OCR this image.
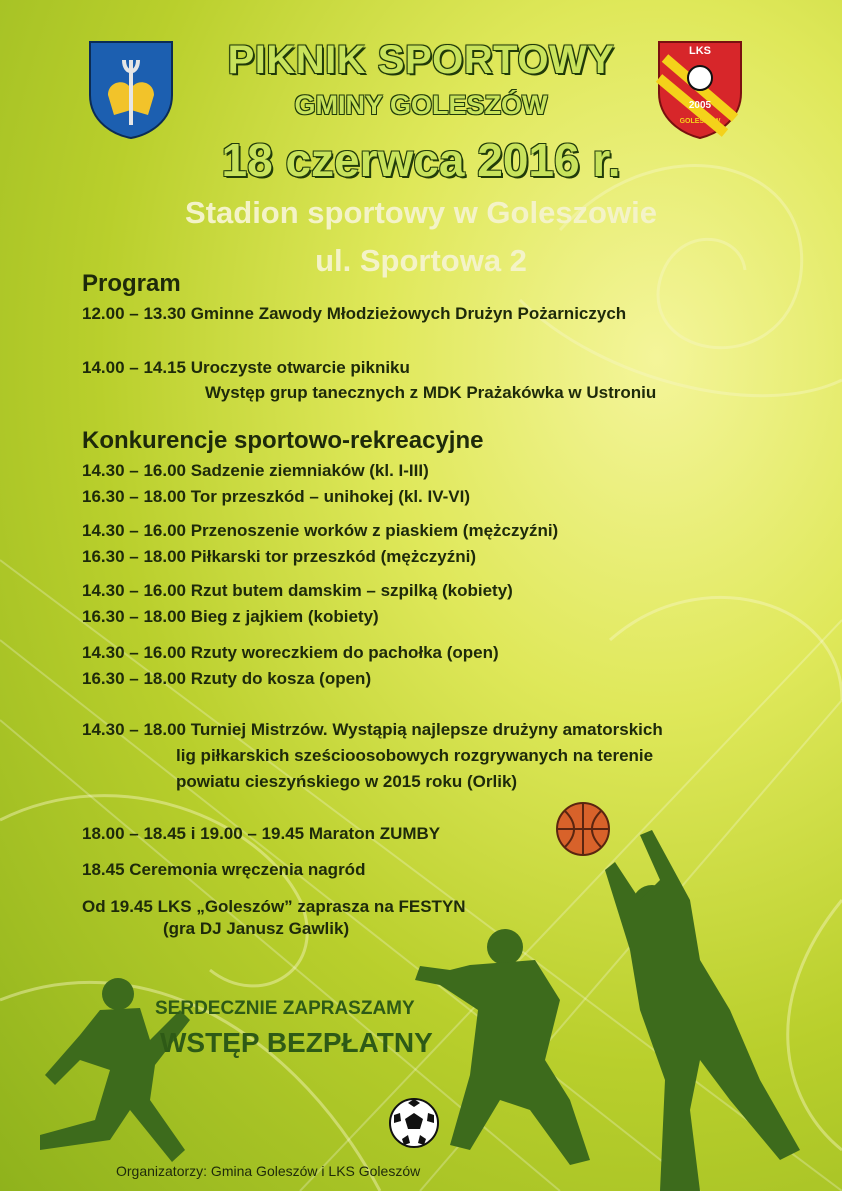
LKS
2005
GOLESZÓW
PIKNIK SPORTOWY
GMINY GOLESZÓW
18 czerwca 2016 r.
Stadion sportowy w Goleszowie
ul. Sportowa 2
Program
12.00 – 13.30 Gminne Zawody Młodzieżowych Drużyn Pożarniczych
14.00 – 14.15 Uroczyste otwarcie pikniku
Występ grup tanecznych z MDK Prażakówka w Ustroniu
Konkurencje sportowo-rekreacyjne
14.30 – 16.00 Sadzenie ziemniaków (kl. I-III)
16.30 – 18.00 Tor przeszkód – unihokej (kl. IV-VI)
14.30 – 16.00 Przenoszenie worków z piaskiem (mężczyźni)
16.30 – 18.00 Piłkarski tor przeszkód (mężczyźni)
14.30 – 16.00 Rzut butem damskim – szpilką (kobiety)
16.30 – 18.00 Bieg z jajkiem (kobiety)
14.30 – 16.00 Rzuty woreczkiem do pachołka (open)
16.30 – 18.00 Rzuty do kosza (open)
14.30 – 18.00 Turniej Mistrzów. Wystąpią najlepsze drużyny amatorskich
lig piłkarskich sześcioosobowych rozgrywanych na terenie
powiatu cieszyńskiego w 2015 roku (Orlik)
18.00 – 18.45 i 19.00 – 19.45 Maraton ZUMBY
18.45 Ceremonia wręczenia nagród
Od 19.45 LKS „Goleszów” zaprasza na FESTYN
(gra DJ Janusz Gawlik)
SERDECZNIE ZAPRASZAMY
WSTĘP BEZPŁATNY
Organizatorzy: Gmina Goleszów i LKS Goleszów
